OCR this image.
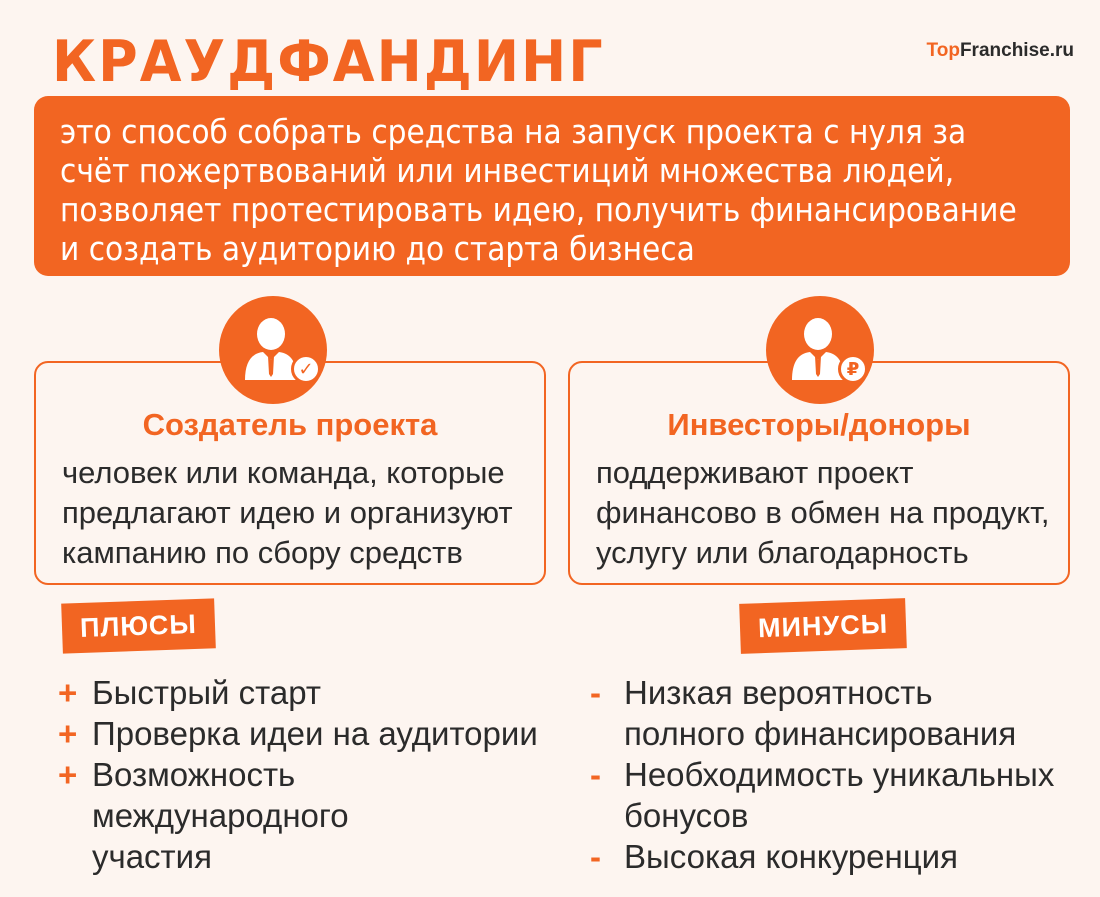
КРАУДФАНДИНГ	TopFranchise.ru
это способ собрать средства на запуск проекта с нуля за счёт пожертвований или инвестиций множества людей, позволяет протестировать идею, получить финансирование и создать аудиторию до старта бизнеса
Создатель проекта
человек или команда, которые предлагают идею и организуют кампанию по сбору средств
Инвесторы/доноры
поддерживают проект финансово в обмен на продукт, услугу или благодарность
✓	₽
ПЛЮСЫ	МИНУСЫ
+ Быстрый старт
+ Проверка идеи на аудитории
+ Возможность международного участия
- Низкая вероятность полного финансирования
- Необходимость уникальных бонусов
- Высокая конкуренция
